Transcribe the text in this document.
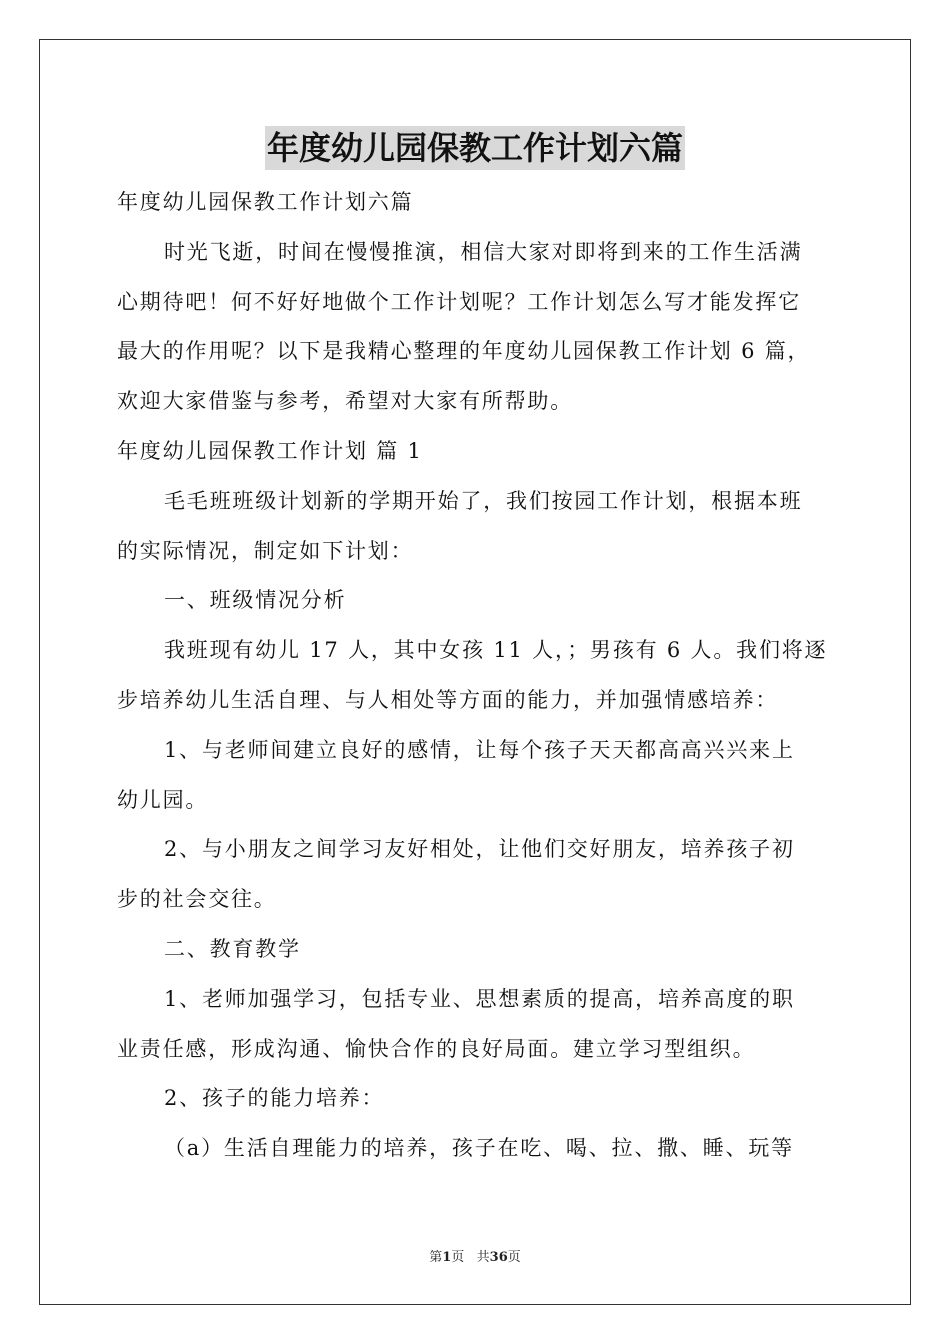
年度幼儿园保教工作计划六篇
年度幼儿园保教工作计划六篇
时光飞逝，时间在慢慢推演，相信大家对即将到来的工作生活满
心期待吧！何不好好地做个工作计划呢？工作计划怎么写才能发挥它
最大的作用呢？以下是我精心整理的年度幼儿园保教工作计划 6 篇，
欢迎大家借鉴与参考，希望对大家有所帮助。
年度幼儿园保教工作计划 篇 1
毛毛班班级计划新的学期开始了，我们按园工作计划，根据本班
的实际情况，制定如下计划：
一、班级情况分析
我班现有幼儿 17 人，其中女孩 11 人，；男孩有 6 人。我们将逐
步培养幼儿生活自理、与人相处等方面的能力，并加强情感培养：
1、与老师间建立良好的感情，让每个孩子天天都高高兴兴来上
幼儿园。
2、与小朋友之间学习友好相处，让他们交好朋友，培养孩子初
步的社会交往。
二、教育教学
1、老师加强学习，包括专业、思想素质的提高，培养高度的职
业责任感，形成沟通、愉快合作的良好局面。建立学习型组织。
2、孩子的能力培养：
（a）生活自理能力的培养，孩子在吃、喝、拉、撒、睡、玩等
第1页   共36页
